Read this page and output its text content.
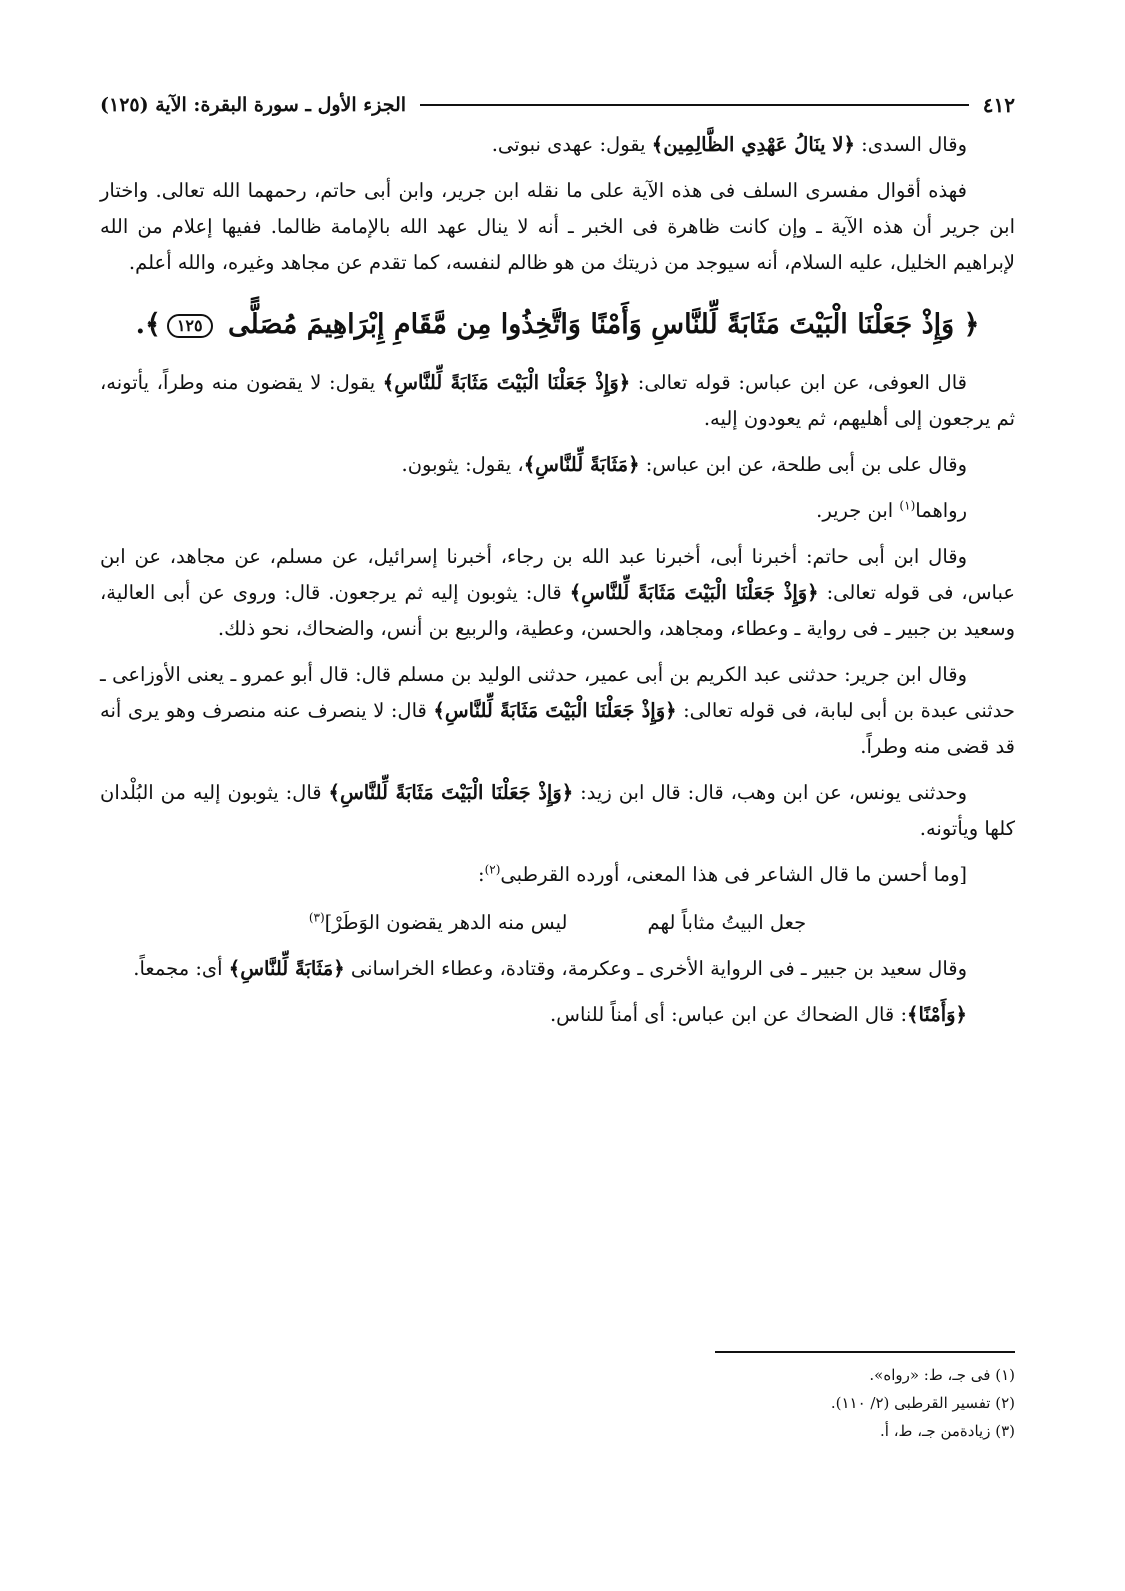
٤١٢
الجزء الأول ـ سورة البقرة: الآية (١٢٥)

وقال السدى: ﴿لا ينَالُ عَهْدِي الظَّالِمِين﴾ يقول: عهدى نبوتى.

فهذه أقوال مفسرى السلف فى هذه الآية على ما نقله ابن جرير، وابن أبى حاتم، رحمهما الله تعالى. واختار ابن جرير أن هذه الآية ـ وإن كانت ظاهرة فى الخبر ـ أنه لا ينال عهد الله بالإمامة ظالما. ففيها إعلام من الله لإبراهيم الخليل، عليه السلام، أنه سيوجد من ذريتك من هو ظالم لنفسه، كما تقدم عن مجاهد وغيره، والله أعلم.

﴿ وَإِذْ جَعَلْنَا الْبَيْتَ مَثَابَةً لِّلنَّاسِ وَأَمْنًا وَاتَّخِذُوا مِن مَّقَامِ إِبْرَاهِيمَ مُصَلًّى ١٢٥﴾.

قال العوفى، عن ابن عباس: قوله تعالى: ﴿وَإِذْ جَعَلْنَا الْبَيْتَ مَثَابَةً لِّلنَّاسِ﴾ يقول: لا يقضون منه وطراً، يأتونه، ثم يرجعون إلى أهليهم، ثم يعودون إليه.

وقال على بن أبى طلحة، عن ابن عباس: ﴿مَثَابَةً لِّلنَّاسِ﴾، يقول: يثوبون.

رواهما$^{(١)}$ ابن جرير.

وقال ابن أبى حاتم: أخبرنا أبى، أخبرنا عبد الله بن رجاء، أخبرنا إسرائيل، عن مسلم، عن مجاهد، عن ابن عباس، فى قوله تعالى: ﴿وَإِذْ جَعَلْنَا الْبَيْتَ مَثَابَةً لِّلنَّاسِ﴾ قال: يثوبون إليه ثم يرجعون. قال: وروى عن أبى العالية، وسعيد بن جبير ـ فى رواية ـ وعطاء، ومجاهد، والحسن، وعطية، والربيع بن أنس، والضحاك، نحو ذلك.

وقال ابن جرير: حدثنى عبد الكريم بن أبى عمير، حدثنى الوليد بن مسلم قال: قال أبو عمرو ـ يعنى الأوزاعى ـ حدثنى عبدة بن أبى لبابة، فى قوله تعالى: ﴿وَإِذْ جَعَلْنَا الْبَيْتَ مَثَابَةً لِّلنَّاسِ﴾ قال: لا ينصرف عنه منصرف وهو يرى أنه قد قضى منه وطراً.

وحدثنى يونس، عن ابن وهب، قال: قال ابن زيد: ﴿وَإِذْ جَعَلْنَا الْبَيْتَ مَثَابَةً لِّلنَّاسِ﴾ قال: يثوبون إليه من البُلْدان كلها ويأتونه.

[وما أحسن ما قال الشاعر فى هذا المعنى، أورده القرطبى$^{(٢)}$:

جعل البيتُ مثاباً لهم
ليس منه الدهر يقضون الوَطَرْ]$^{(٣)}$

وقال سعيد بن جبير ـ فى الرواية الأخرى ـ وعكرمة، وقتادة، وعطاء الخراسانى ﴿مَثَابَةً لِّلنَّاسِ﴾ أى: مجمعاً.

﴿وَأَمْنًا﴾: قال الضحاك عن ابن عباس: أى أمناً للناس.

(١) فى جـ، ط: «رواه».
(٢) تفسير القرطبى (٢/ ١١٠).
(٣) زيادةمن جـ، ط، أ.
